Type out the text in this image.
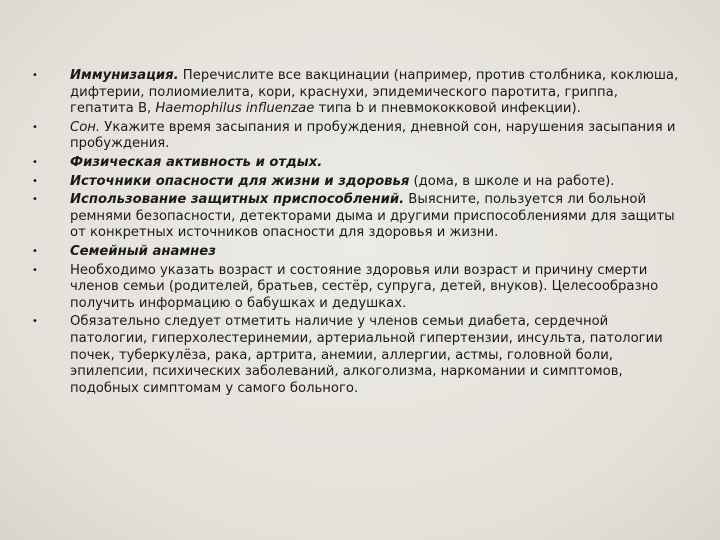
•	Иммунизация. Перечислите все вакцинации (например, против столбника, коклюша, дифтерии, полиомиелита, кори, краснухи, эпидемического паротита, гриппа, гепатита В, Haemophilus influenzae типа b и пневмококковой инфекции).
•	Сон. Укажите время засыпания и пробуждения, дневной сон, нарушения засыпания и пробуждения.
•	Физическая активность и отдых.
•	Источники опасности для жизни и здоровья (дома, в школе и на работе).
•	Использование защитных приспособлений. Выясните, пользуется ли больной ремнями безопасности, детекторами дыма и другими приспособлениями для защиты от конкретных источников опасности для здоровья и жизни.
•	Семейный анамнез
•	Необходимо указать возраст и состояние здоровья или возраст и причину смерти членов семьи (родителей, братьев, сестёр, супруга, детей, внуков). Целесообразно получить информацию о бабушках и дедушках.
•	Обязательно следует отметить наличие у членов семьи диабета, сердечной патологии, гиперхолестеринемии, артериальной гипертензии, инсульта, патологии почек, туберкулёза, рака, артрита, анемии, аллергии, астмы, головной боли, эпилепсии, психических заболеваний, алкоголизма, наркомании и симптомов, подобных симптомам у самого больного.
